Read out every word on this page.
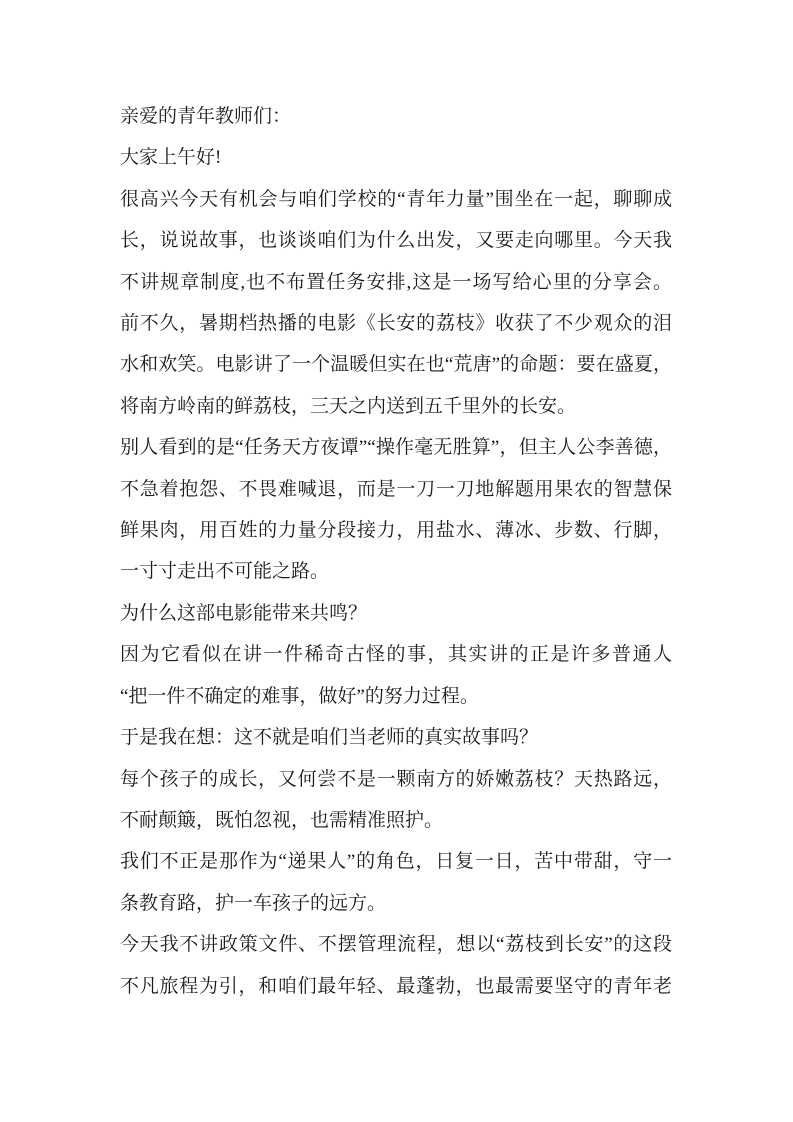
亲爱的青年教师们：
大家上午好!
很高兴今天有机会与咱们学校的“青年力量”围坐在一起，聊聊成
长，说说故事，也谈谈咱们为什么出发，又要走向哪里。今天我
不讲规章制度,也不布置任务安排,这是一场写给心里的分享会。
前不久，暑期档热播的电影《长安的荔枝》收获了不少观众的泪
水和欢笑。电影讲了一个温暖但实在也“荒唐”的命题：要在盛夏，
将南方岭南的鲜荔枝，三天之内送到五千里外的长安。
别人看到的是“任务天方夜谭”“操作毫无胜算”，但主人公李善德，
不急着抱怨、不畏难喊退，而是一刀一刀地解题用果农的智慧保
鲜果肉，用百姓的力量分段接力，用盐水、薄冰、步数、行脚，
一寸寸走出不可能之路。
为什么这部电影能带来共鸣？
因为它看似在讲一件稀奇古怪的事，其实讲的正是许多普通人
“把一件不确定的难事，做好”的努力过程。
于是我在想：这不就是咱们当老师的真实故事吗？
每个孩子的成长，又何尝不是一颗南方的娇嫩荔枝？天热路远，
不耐颠簸，既怕忽视，也需精准照护。
我们不正是那作为“递果人”的角色，日复一日，苦中带甜，守一
条教育路，护一车孩子的远方。
今天我不讲政策文件、不摆管理流程，想以“荔枝到长安”的这段
不凡旅程为引，和咱们最年轻、最蓬勃，也最需要坚守的青年老
